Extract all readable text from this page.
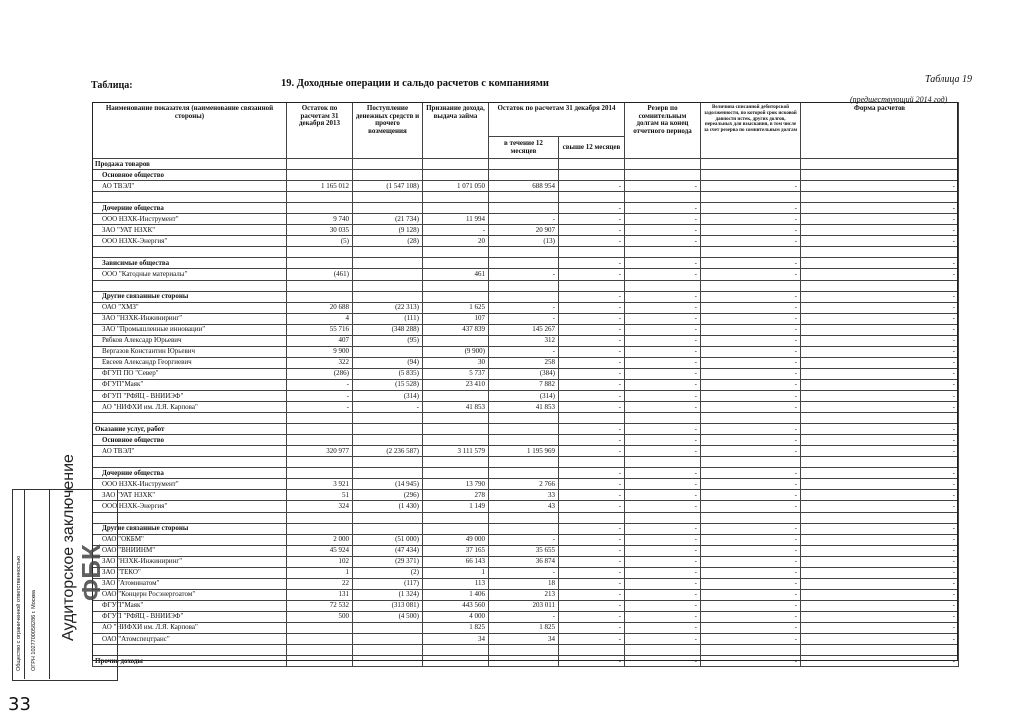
Таблица:	19. Доходные операции и сальдо расчетов с компаниями	Таблица 19
(предшествующий 2014 год)
Наименование показателя (наименование связанной стороны)	Остаток по расчетам 31 декабря 2013	Поступление денежных средств и прочего возмещения	Признание дохода, выдача займа	Остаток по расчетам 31 декабря 2014		Резерв по сомнительным долгам на конец отчетного периода	Величина списанной дебиторской задолженности, по которой срок исковой давности истек, других долгов, нереальных для взыскания, в том числе за счет резерва по сомнительным долгам	Форма расчетов	
				в течение 12 месяцев	свыше 12 месяцев				
Продажа товаров									
Основное общество									
АО ТВЭЛ"	1 165 012	(1 547 108)	1 071 050	688 954	-	-	-	-	

Дочерние общества					-	-	-	-	
ООО НЗХК-Инструмент"	9 740	(21 734)	11 994	-	-	-	-	-	
ЗАО "УАТ НЗХК"	30 035	(9 128)	-	20 907	-	-	-	-	
ООО НЗХК-Энергия"	(5)	(28)	20	(13)	-	-	-	-	

Зависимые общества					-	-	-	-	
ООО "Катодные материалы"	(461)		461	-	-	-	-	-	

Другие связанные стороны					-	-	-	-	
ОАО "ХМЗ"	20 688	(22 313)	1 625	-	-	-	-	-	
ЗАО "НЗХК-Инжиниринг"	4	(111)	107	-	-	-	-	-	
ЗАО "Промышленные инновации"	55 716	(348 288)	437 839	145 267	-	-	-	-	
Рябков Алексадр Юрьевич	407	(95)		312	-	-	-	-	
Вергазов Константин Юрьевич	9 900		(9 900)	-	-	-	-	-	
Евсеев Александр Георгиевич	322	(94)	30	258	-	-	-	-	
ФГУП ПО "Север"	(286)	(5 835)	5 737	(384)	-	-	-	-	
ФГУП"Маяк"	-	(15 528)	23 410	7 882	-	-	-	-	
ФГУП "РФЯЦ - ВНИИЭФ"	-	(314)		(314)	-	-	-	-	
АО "НИФХИ им. Л.Я. Карпова"	-	-	41 853	41 853	-	-	-	-	

Оказание услуг, работ					-	-	-	-	
Основное общество					-	-	-	-	
АО ТВЭЛ"	320 977	(2 236 587)	3 111 579	1 195 969	-	-	-	-	

Дочерние общества					-	-	-	-	
ООО НЗХК-Инструмент"	3 921	(14 945)	13 790	2 766	-	-	-	-	
ЗАО "УАТ НЗХК"	51	(296)	278	33	-	-	-	-	
ООО НЗХК-Энергия"	324	(1 430)	1 149	43	-	-	-	-	

Другие связанные стороны					-	-	-	-	
ОАО "ОКБМ"	2 000	(51 000)	49 000	-	-	-	-	-	
ОАО "ВНИИНМ"	45 924	(47 434)	37 165	35 655	-	-	-	-	
ЗАО "НЗХК-Инжиниринг"	102	(29 371)	66 143	36 874	-	-	-	-	
ЗАО "ТЕКО"	1	(2)	1	-	-	-	-	-	
ЗАО "Атоминатом"	22	(117)	113	18	-	-	-	-	
ОАО "Концерн Росэнергоатом"	131	(1 324)	1 406	213	-	-	-	-	
ФГУП"Маяк"	72 532	(313 081)	443 560	203 011	-	-	-	-	
ФГУП "РФЯЦ - ВНИИЭФ"	500	(4 500)	4 000	-	-	-	-	-	
АО "НИФХИ им. Л.Я. Карпова"			1 825	1 825	-	-	-	-	
ОАО "Атомспецтранс"			34	34	-	-	-	-	

Прочие доходы					-	-	-	-	
Общество с ограниченной ответственностью ОГРН 1027700058286 г. Москва Аудиторское заключение ФБК
33
